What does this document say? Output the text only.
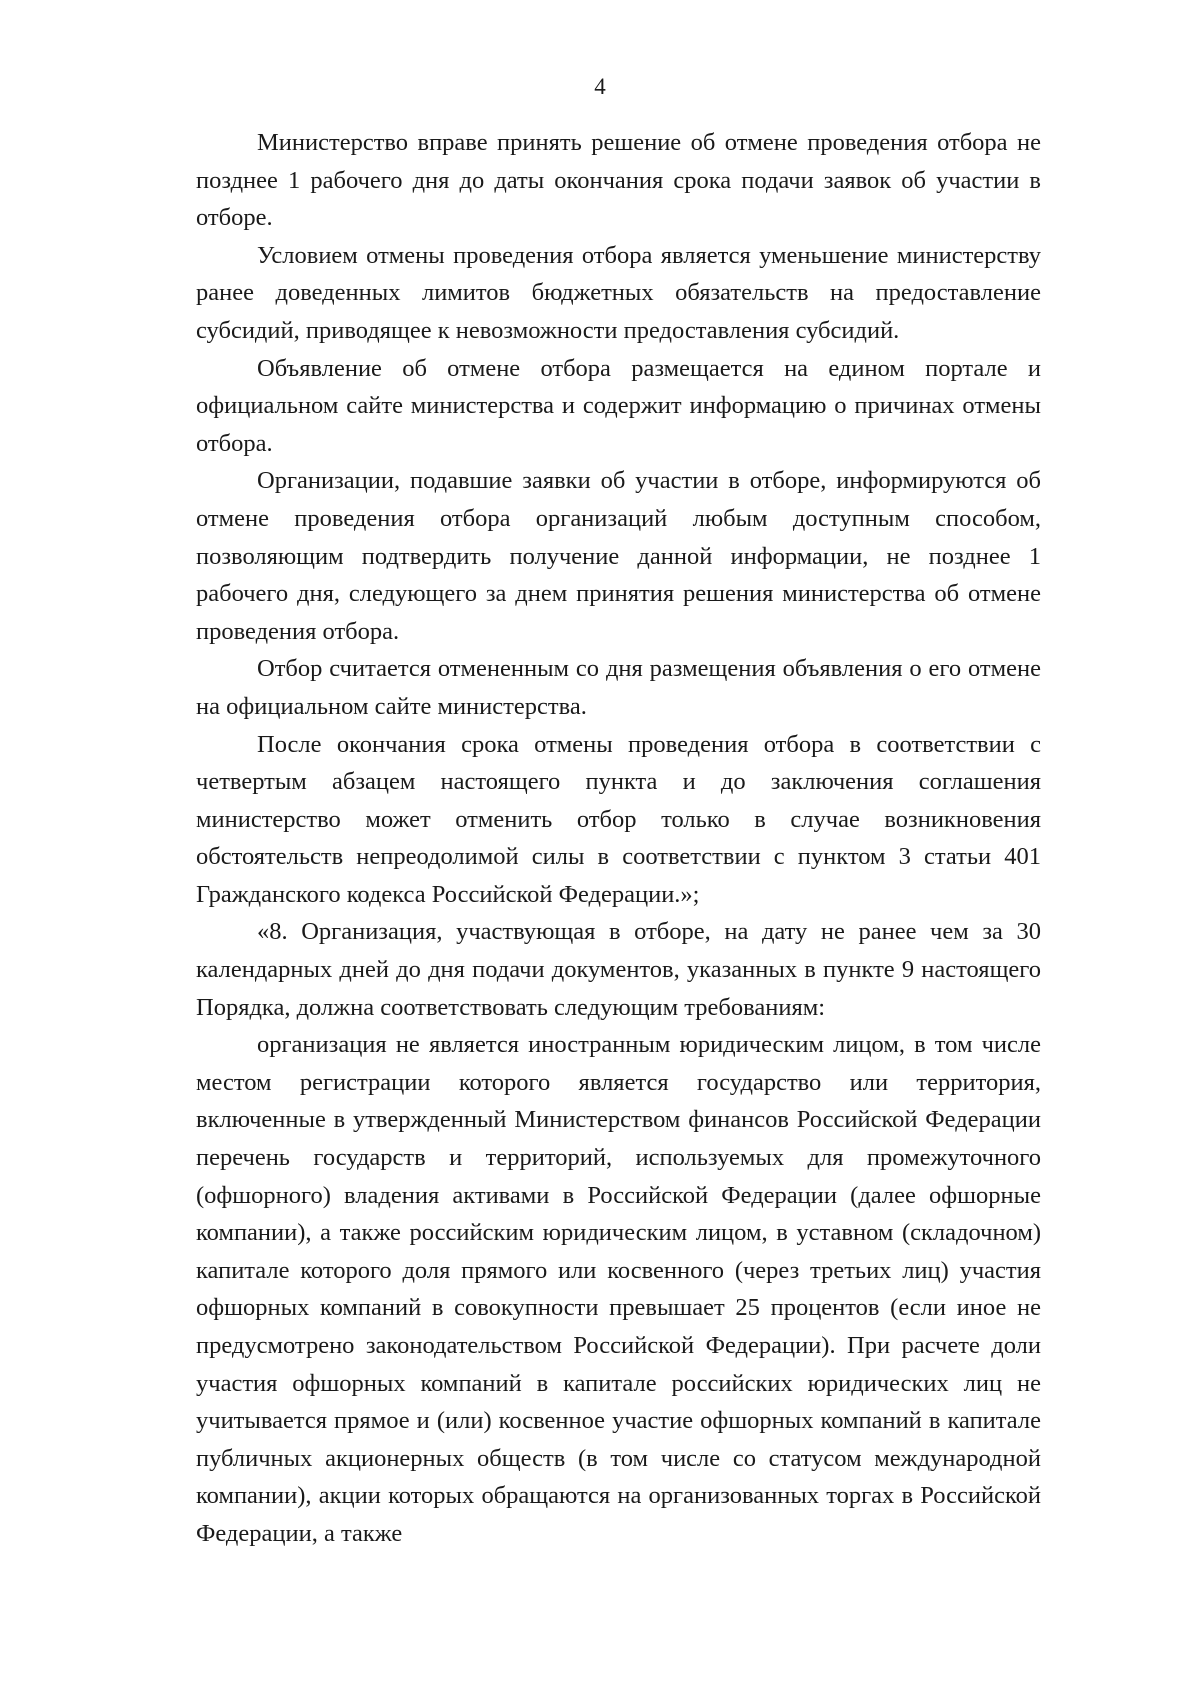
4

Министерство вправе принять решение об отмене проведения отбора не позднее 1 рабочего дня до даты окончания срока подачи заявок об участии в отборе.

Условием отмены проведения отбора является уменьшение министерству ранее доведенных лимитов бюджетных обязательств на предоставление субсидий, приводящее к невозможности предоставления субсидий.

Объявление об отмене отбора размещается на едином портале и официальном сайте министерства и содержит информацию о причинах отмены отбора.

Организации, подавшие заявки об участии в отборе, информируются об отмене проведения отбора организаций любым доступным способом, позволяющим подтвердить получение данной информации, не позднее 1 рабочего дня, следующего за днем принятия решения министерства об отмене проведения отбора.

Отбор считается отмененным со дня размещения объявления о его отмене на официальном сайте министерства.

После окончания срока отмены проведения отбора в соответствии с четвертым абзацем настоящего пункта и до заключения соглашения министерство может отменить отбор только в случае возникновения обстоятельств непреодолимой силы в соответствии с пунктом 3 статьи 401 Гражданского кодекса Российской Федерации.»;

«8. Организация, участвующая в отборе, на дату не ранее чем за 30 календарных дней до дня подачи документов, указанных в пункте 9 настоящего Порядка, должна соответствовать следующим требованиям:

организация не является иностранным юридическим лицом, в том числе местом регистрации которого является государство или территория, включенные в утвержденный Министерством финансов Российской Федерации перечень государств и территорий, используемых для промежуточного (офшорного) владения активами в Российской Федерации (далее офшорные компании), а также российским юридическим лицом, в уставном (складочном) капитале которого доля прямого или косвенного (через третьих лиц) участия офшорных компаний в совокупности превышает 25 процентов (если иное не предусмотрено законодательством Российской Федерации). При расчете доли участия офшорных компаний в капитале российских юридических лиц не учитывается прямое и (или) косвенное участие офшорных компаний в капитале публичных акционерных обществ (в том числе со статусом международной компании), акции которых обращаются на организованных торгах в Российской Федерации, а также
